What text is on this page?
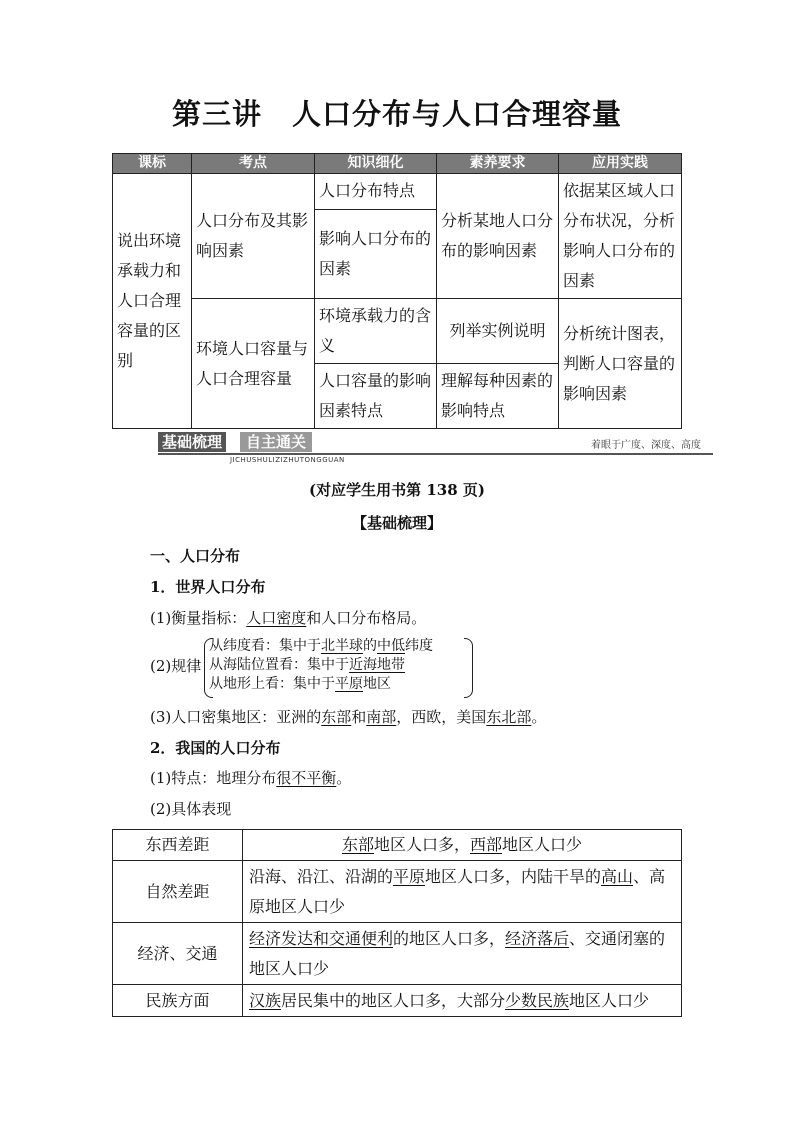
第三讲　人口分布与人口合理容量
课标	考点	知识细化	素养要求	应用实践
说出环境承载力和人口合理容量的区别	人口分布及其影响因素	人口分布特点	分析某地人口分布的影响因素	依据某区域人口分布状况，分析影响人口分布的因素
		影响人口分布的因素		
	环境人口容量与人口合理容量	环境承载力的含义	列举实例说明	分析统计图表，判断人口容量的影响因素
		人口容量的影响因素特点	理解每种因素的影响特点	
基础梳理	自主通关
JICHUSHULIZIZHUTONGGUAN
着眼于广度、深度、高度
(对应学生用书第 138 页)
【基础梳理】
一、人口分布
1．世界人口分布
(1)衡量指标：人口密度和人口分布格局。
(2)规律
从纬度看：集中于北半球的中低纬度
从海陆位置看：集中于近海地带
从地形上看：集中于平原地区
(3)人口密集地区：亚洲的东部和南部，西欧，美国东北部。
2．我国的人口分布
(1)特点：地理分布很不平衡。
(2)具体表现
东西差距	东部地区人口多，西部地区人口少
自然差距	沿海、沿江、沿湖的平原地区人口多，内陆干旱的高山、高原地区人口少
经济、交通	经济发达和交通便利的地区人口多，经济落后、交通闭塞的地区人口少
民族方面	汉族居民集中的地区人口多，大部分少数民族地区人口少
